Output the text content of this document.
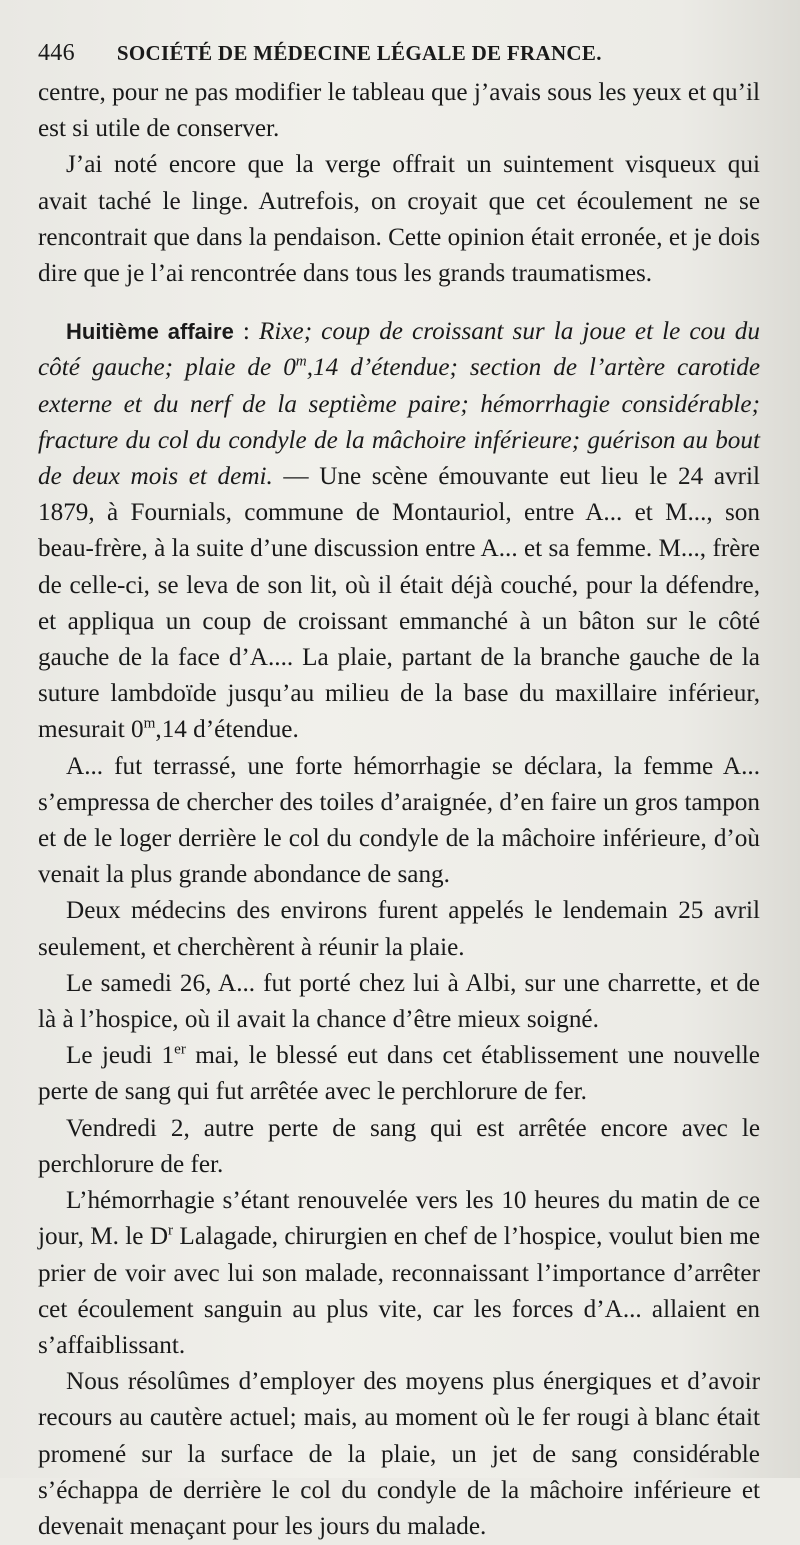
446 SOCIÉTÉ DE MÉDECINE LÉGALE DE FRANCE.

centre, pour ne pas modifier le tableau que j’avais sous les yeux et qu’il est si utile de conserver.

J’ai noté encore que la verge offrait un suintement visqueux qui avait taché le linge. Autrefois, on croyait que cet écoulement ne se rencontrait que dans la pendaison. Cette opinion était erronée, et je dois dire que je l’ai rencontrée dans tous les grands traumatismes.

Huitième affaire : Rixe; coup de croissant sur la joue et le cou du côté gauche; plaie de 0$^m$,14 d’étendue; section de l’artère carotide externe et du nerf de la septième paire; hémorrhagie considérable; fracture du col du condyle de la mâchoire inférieure; guérison au bout de deux mois et demi. — Une scène émouvante eut lieu le 24 avril 1879, à Fournials, commune de Montauriol, entre A... et M..., son beau-frère, à la suite d’une discussion entre A... et sa femme. M..., frère de celle-ci, se leva de son lit, où il était déjà couché, pour la défendre, et appliqua un coup de croissant emmanché à un bâton sur le côté gauche de la face d’A.... La plaie, partant de la branche gauche de la suture lambdoïde jusqu’au milieu de la base du maxillaire inférieur, mesurait 0$^m$,14 d’étendue.

A... fut terrassé, une forte hémorrhagie se déclara, la femme A... s’empressa de chercher des toiles d’araignée, d’en faire un gros tampon et de le loger derrière le col du condyle de la mâchoire inférieure, d’où venait la plus grande abondance de sang.

Deux médecins des environs furent appelés le lendemain 25 avril seulement, et cherchèrent à réunir la plaie.

Le samedi 26, A... fut porté chez lui à Albi, sur une charrette, et de là à l’hospice, où il avait la chance d’être mieux soigné.

Le jeudi 1er mai, le blessé eut dans cet établissement une nouvelle perte de sang qui fut arrêtée avec le perchlorure de fer.

Vendredi 2, autre perte de sang qui est arrêtée encore avec le perchlorure de fer.

L’hémorrhagie s’étant renouvelée vers les 10 heures du matin de ce jour, M. le $D^r$ Lalagade, chirurgien en chef de l’hospice, voulut bien me prier de voir avec lui son malade, reconnaissant l’importance d’arrêter cet écoulement sanguin au plus vite, car les forces d’A... allaient en s’affaiblissant.

Nous résolûmes d’employer des moyens plus énergiques et d’avoir recours au cautère actuel; mais, au moment où le fer rougi à blanc était promené sur la surface de la plaie, un jet de sang considérable s’échappa de derrière le col du condyle de la mâchoire inférieure et devenait menaçant pour les jours du malade.
